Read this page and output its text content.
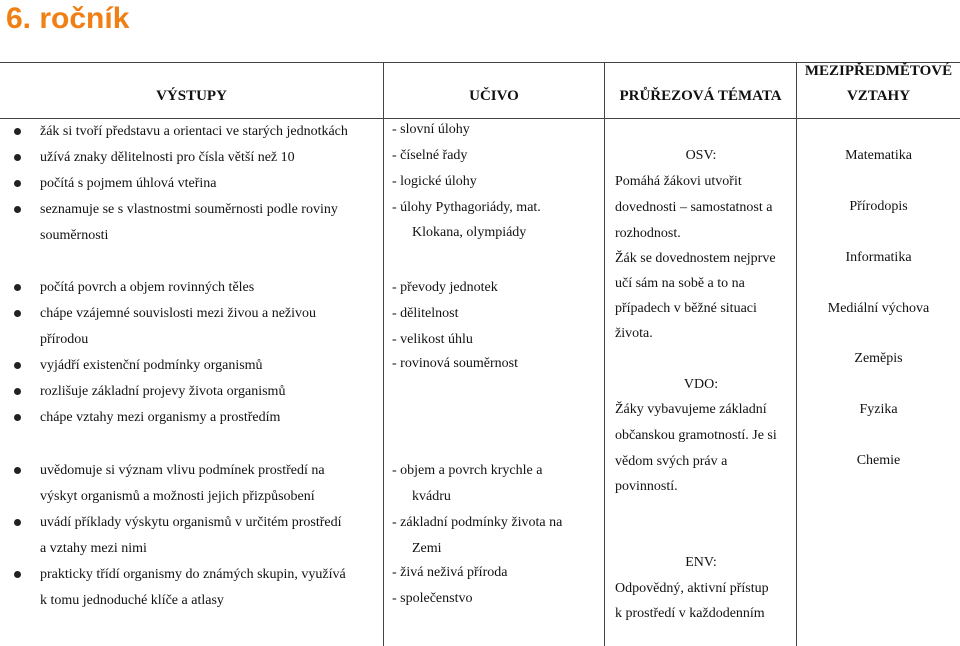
6. ročník
VÝSTUPY	UČIVO	PRŮŘEZOVÁ TÉMATA
MEZIPŘEDMĚTOVÉ
VZTAHY
žák si tvoří představu a orientaci ve starých jednotkách
užívá znaky dělitelnosti pro čísla větší než 10
počítá s pojmem úhlová vteřina
seznamuje se s vlastnostmi souměrnosti podle roviny
souměrnosti
počítá povrch a objem rovinných těles
chápe vzájemné souvislosti mezi živou a neživou
přírodou
vyjádří existenční podmínky organismů
rozlišuje základní projevy života organismů
chápe vztahy mezi organismy a prostředím
uvědomuje si význam vlivu podmínek prostředí na
výskyt organismů a možnosti jejich přizpůsobení
uvádí příklady výskytu organismů v určitém prostředí
a vztahy mezi nimi
prakticky třídí organismy do známých skupin, využívá
k tomu jednoduché klíče a atlasy
- slovní úlohy
- číselné řady
- logické úlohy
- úlohy Pythagoriády, mat.
Klokana, olympiády
- převody jednotek
- dělitelnost
- velikost úhlu
- rovinová souměrnost
- objem a povrch krychle a
kvádru
- základní podmínky života na
Zemi
- živá neživá příroda
- společenstvo
OSV:
Pomáhá žákovi utvořit
dovednosti – samostatnost a
rozhodnost.
Žák se dovednostem nejprve
učí sám na sobě a to na
případech v běžné situaci
života.
VDO:
Žáky vybavujeme základní
občanskou gramotností. Je si
vědom svých práv a
povinností.
ENV:
Odpovědný, aktivní přístup
k prostředí v každodenním
Matematika
Přírodopis
Informatika
Mediální výchova
Zeměpis
Fyzika
Chemie
